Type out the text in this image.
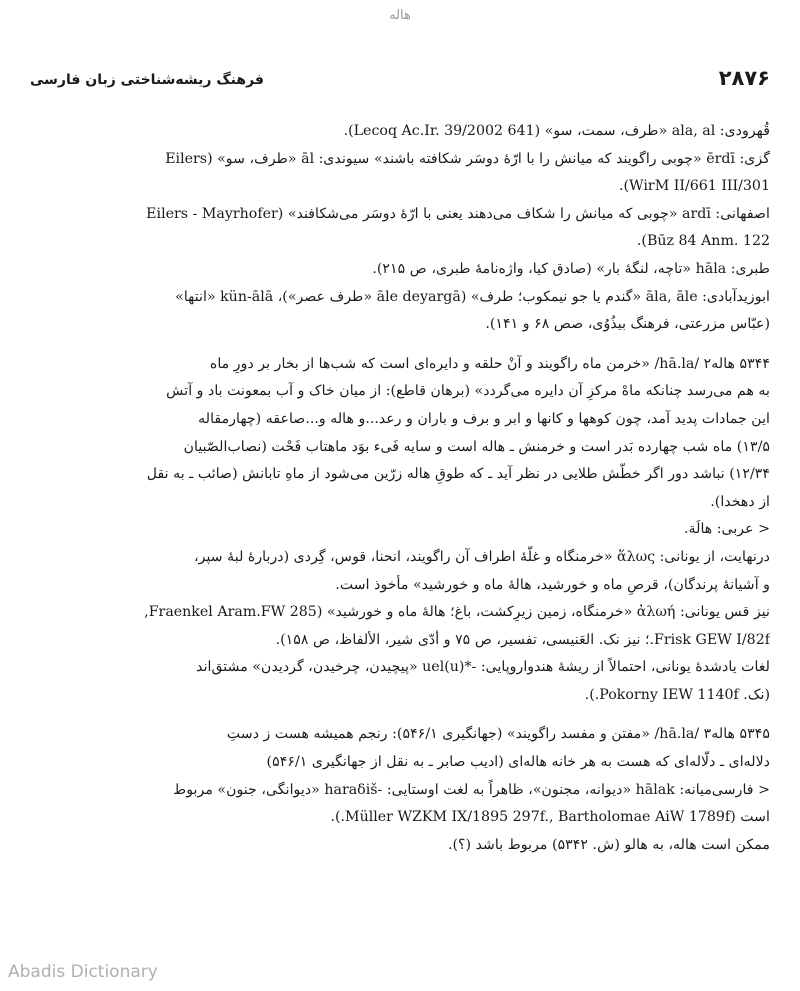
هاله
۲۸۷۶
فرهنگ ریشه‌شناختی زبان فارسی
قُهرودی: ala, al «طرف، سمت، سو» (Lecoq Ac.Ir. 39/2002 641).
گزی: ērdī «چوبی راگویند که میانش را با ارّهٔ دوسَر شکافته باشند» سیوندی: āl «طرف، سو» (Eilers
WirM II/661 III/301).
اصفهانی: ardī «چوبی که میانش را شکاف می‌دهند یعنی با ارّهٔ دوسَر می‌شکافند» (Eilers - Mayrhofer
Būz 84 Anm. 122).
طبری: hāla «تاچه، لنگهٔ بار» (صادق کیا، واژه‌نامهٔ طبری، ص ۲۱۵).
ابوزیدآبادی: āla, āle «گندم یا جو نیمکوب؛ طرف» (āle deyargā «طرف عصر»)، kün-ālā «انتها»
(عبّاس مزرعتی، فرهنگ بیذُوُی، صص ۶۸ و ۱۴۱).
۵۳۴۴ هاله۲ /hā.la/ «خرمن ماه راگویند و آنْ حلقه و دایره‌ای است که شب‌ها از بخار بر دورِ ماه
به هم می‌رسد چنانکه ماهْ مرکزِ آن دایره می‌گردد» (برهان قاطع): از میان خاک و آب بمعونت باد و آتش
این جمادات پدید آمد، چون کوهها و کانها و ابر و برف و باران و رعد...و هاله و...صاعقه (چهارمقاله
۱۳/۵) ماه شب چهارده بَدر است و خرمنش ـ هاله است و سایه فَیء بوَد ماهتاب فَحْت (نصاب‌الصّبیان
۱۲/۳۴) نباشد دور اگر خطّش طلایی در نظر آید ـ که طوقِ هاله زرّین می‌شود از ماهِ تابانش (صائب ـ به نقل
از دهخدا).
< عربی: هالَة.
درنهایت، از یونانی: ἅλως «خرمنگاه و غلّهٔ اطراف آن راگویند، انحنا، قوس، گِردی (دربارهٔ لبهٔ سپر،
و آشیانهٔ پرندگان)، قرصِ ماه و خورشید، هالهٔ ماه و خورشید» مأخوذ است.
نیز قس یونانی: ἀλωή «خرمنگاه، زمین زیرِکشت، باغ؛ هالهٔ ماه و خورشید» (Fraenkel Aram.FW 285,
Frisk GEW I/82f.؛ نیز نک. العَنیسی، تفسیر، ص ۷۵ و أدّی شیر، الألفاظ، ص ۱۵۸).
لغات یادشدهٔ یونانی، احتمالاً از ریشهٔ هندواروپایی: -*uel(u) «پیچیدن، چرخیدن، گردیدن» مشتق‌اند
(نک. Pokorny IEW 1140f.).
۵۳۴۵ هاله۳ /hā.la/ «مفتن و مفسد راگویند» (جهانگیری ۵۴۶/۱): رنجم همیشه هست ز دستِ
دلاله‌ای ـ دلّاله‌ای که هست به هر خانه هاله‌ای (ادیب صابر ـ به نقل از جهانگیری ۵۴۶/۱)
< فارسی‌میانه: hālak «دیوانه، مجنون»، ظاهراً به لغت اوستایی: -haraδiš «دیوانگی، جنون» مربوط
است (Müller WZKM IX/1895 297f., Bartholomae AiW 1789f.).
ممکن است هاله، به هالو (ش. ۵۳۴۲) مربوط باشد (؟).
Abadis Dictionary
